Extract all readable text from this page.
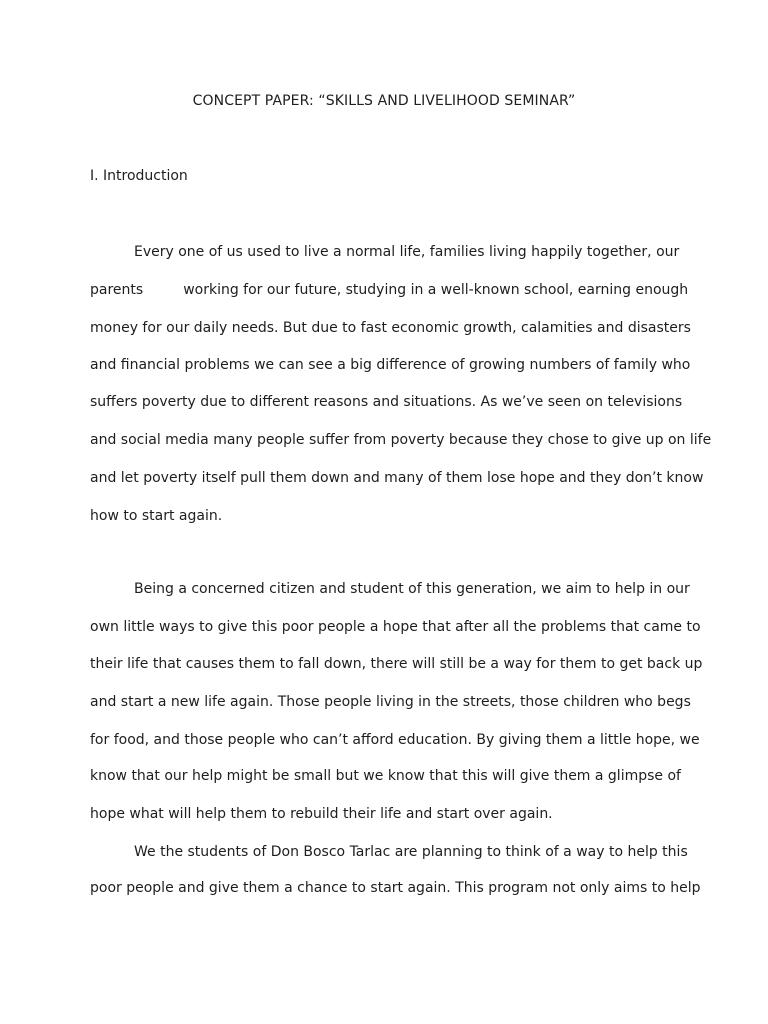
CONCEPT PAPER: “SKILLS AND LIVELIHOOD SEMINAR”
I. Introduction
Every one of us used to live a normal life, families living happily together, our
parents	working for our future, studying in a well-known school, earning enough
money for our daily needs. But due to fast economic growth, calamities and disasters
and financial problems we can see a big difference of growing numbers of family who
suffers poverty due to different reasons and situations. As we’ve seen on televisions
and social media many people suffer from poverty because they chose to give up on life
and let poverty itself pull them down and many of them lose hope and they don’t know
how to start again.
Being a concerned citizen and student of this generation, we aim to help in our
own little ways to give this poor people a hope that after all the problems that came to
their life that causes them to fall down, there will still be a way for them to get back up
and start a new life again. Those people living in the streets, those children who begs
for food, and those people who can’t afford education. By giving them a little hope, we
know that our help might be small but we know that this will give them a glimpse of
hope what will help them to rebuild their life and start over again.
We the students of Don Bosco Tarlac are planning to think of a way to help this
poor people and give them a chance to start again. This program not only aims to help
